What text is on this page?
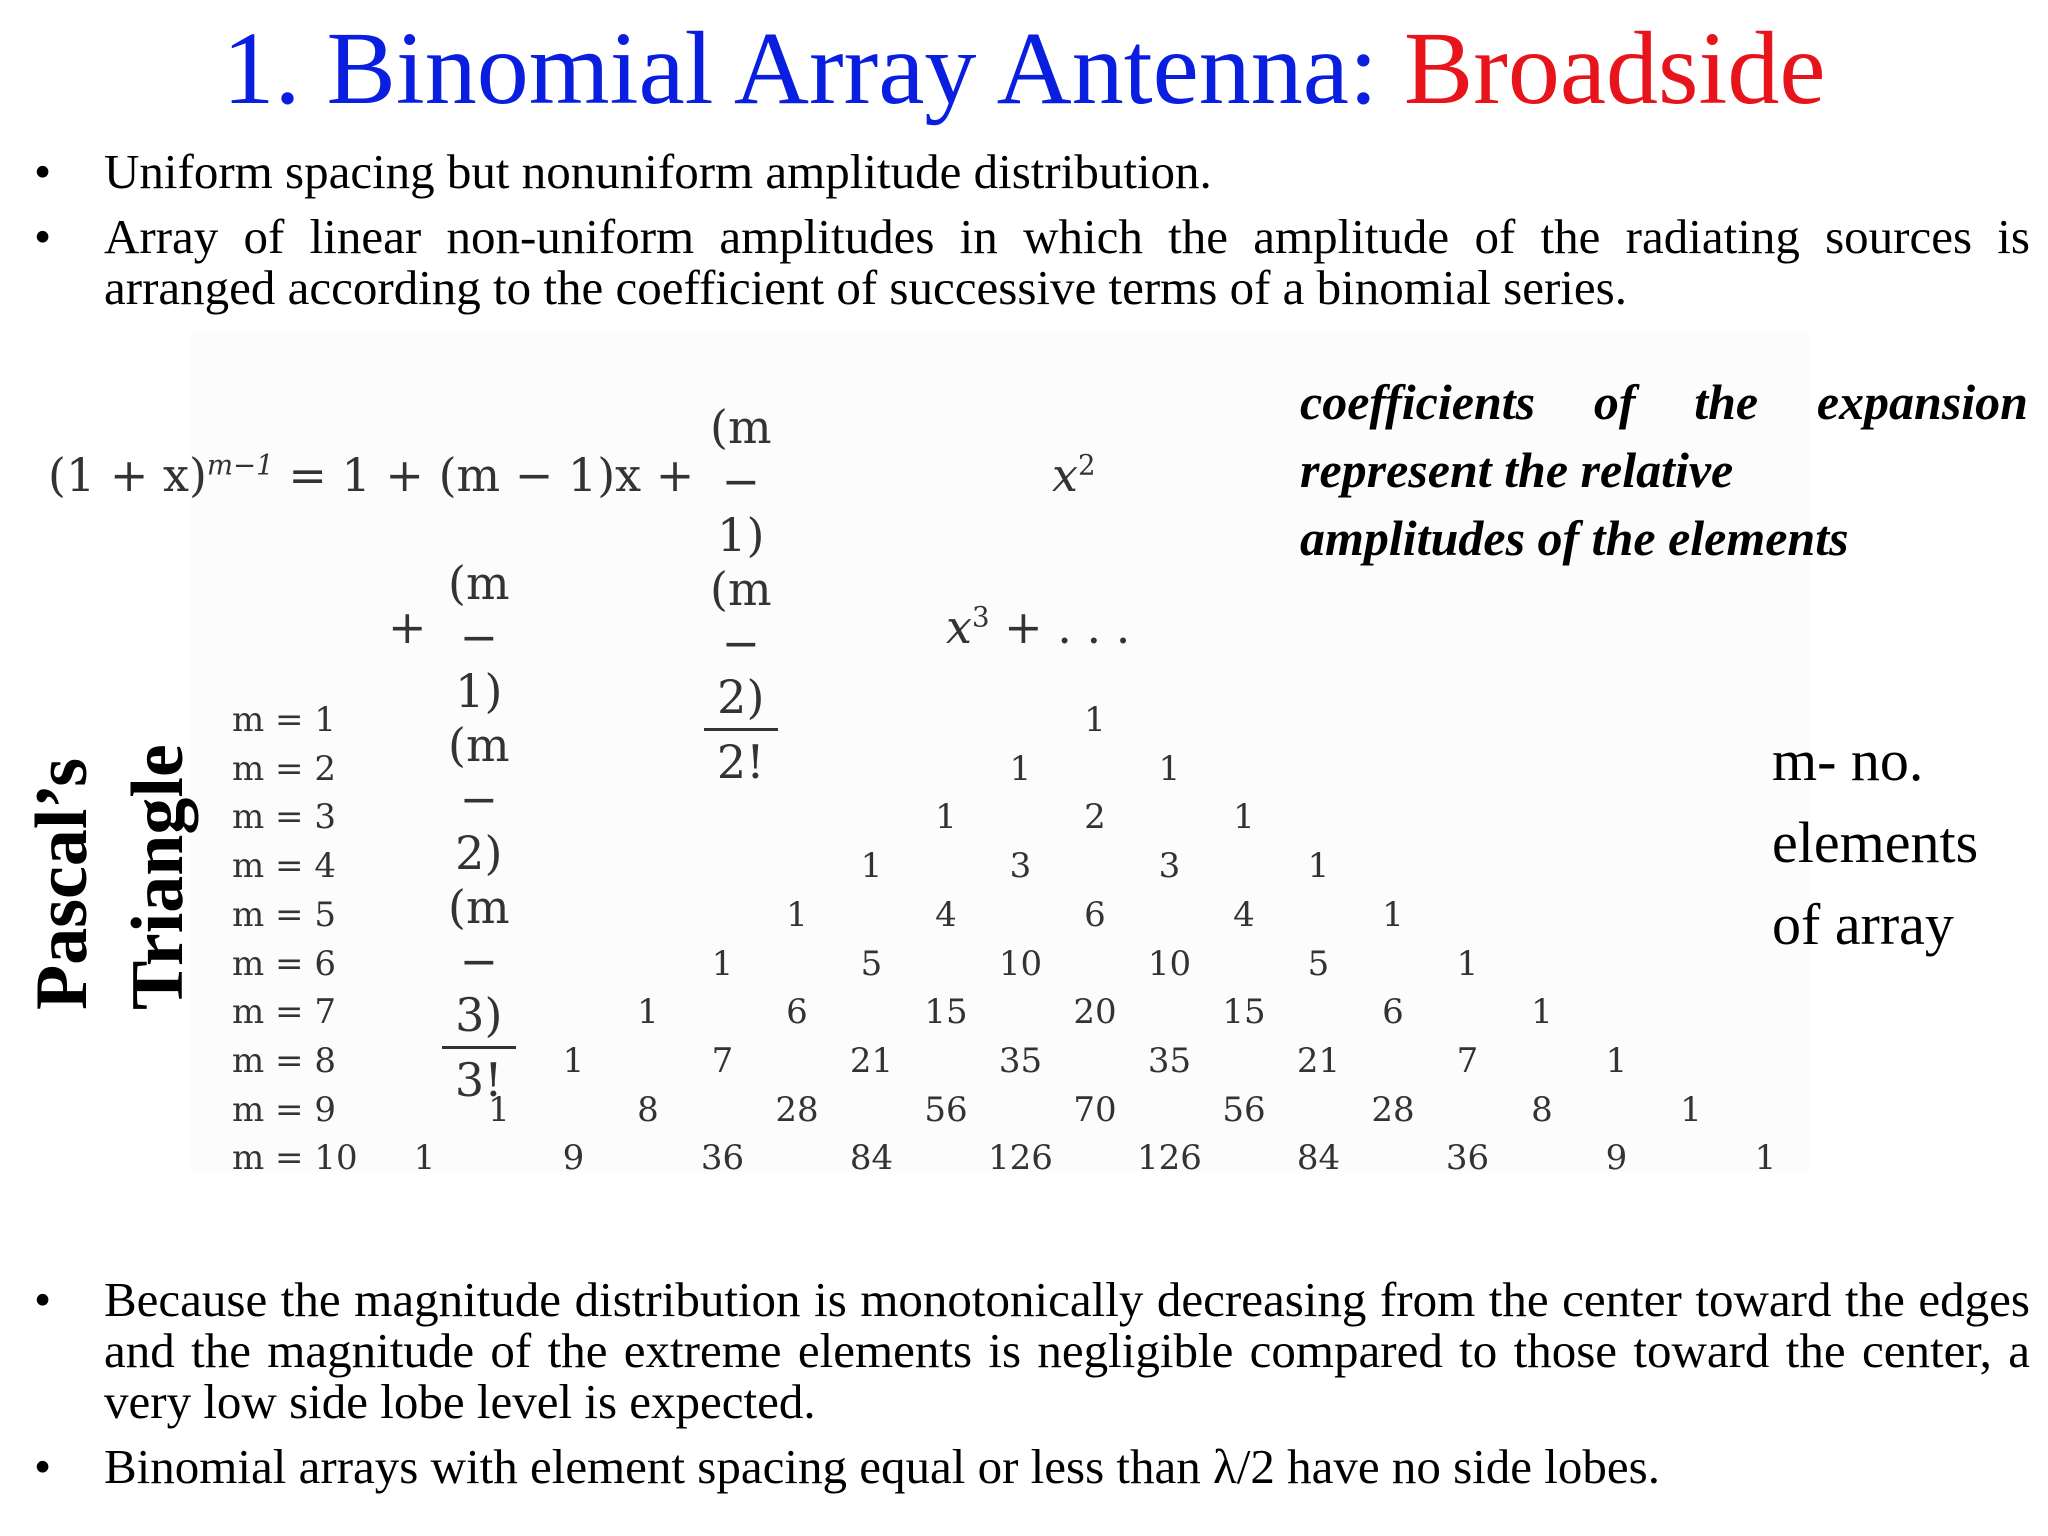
1. Binomial Array Antenna: Broadside
• Uniform spacing but nonuniform amplitude distribution.
• Array of linear non-uniform amplitudes in which the amplitude of the radiating sources is arranged according to the coefficient of successive terms of a binomial series.
$(1 + x)^{m-1} = 1 + (m - 1)x + \frac{(m - 1)(m - 2)}{2!}$	$x^2$
+ $\frac{(m - 1)(m - 2)(m - 3)}{3!}$	$x^3$ + . . .
coefficients of the expansion represent the relative
amplitudes of the elements
Pascal’s Triangle
m = 1	1
m = 2	1	1
m = 3	1	2	1
m = 4	1	3	3	1
m = 5	1	4	6	4	1
m = 6	1	5	10	10	5	1
m = 7	1	6	15	20	15	6	1
m = 8	1	7	21	35	35	21	7	1
m = 9	1	8	28	56	70	56	28	8	1
m = 10	1	9	36	84	126 126	84	36	9	1
m- no.
elements
of array
• Because the magnitude distribution is monotonically decreasing from the center toward the edges and the magnitude of the extreme elements is negligible compared to those toward the center, a very low side lobe level is expected.
• Binomial arrays with element spacing equal or less than λ/2 have no side lobes.
